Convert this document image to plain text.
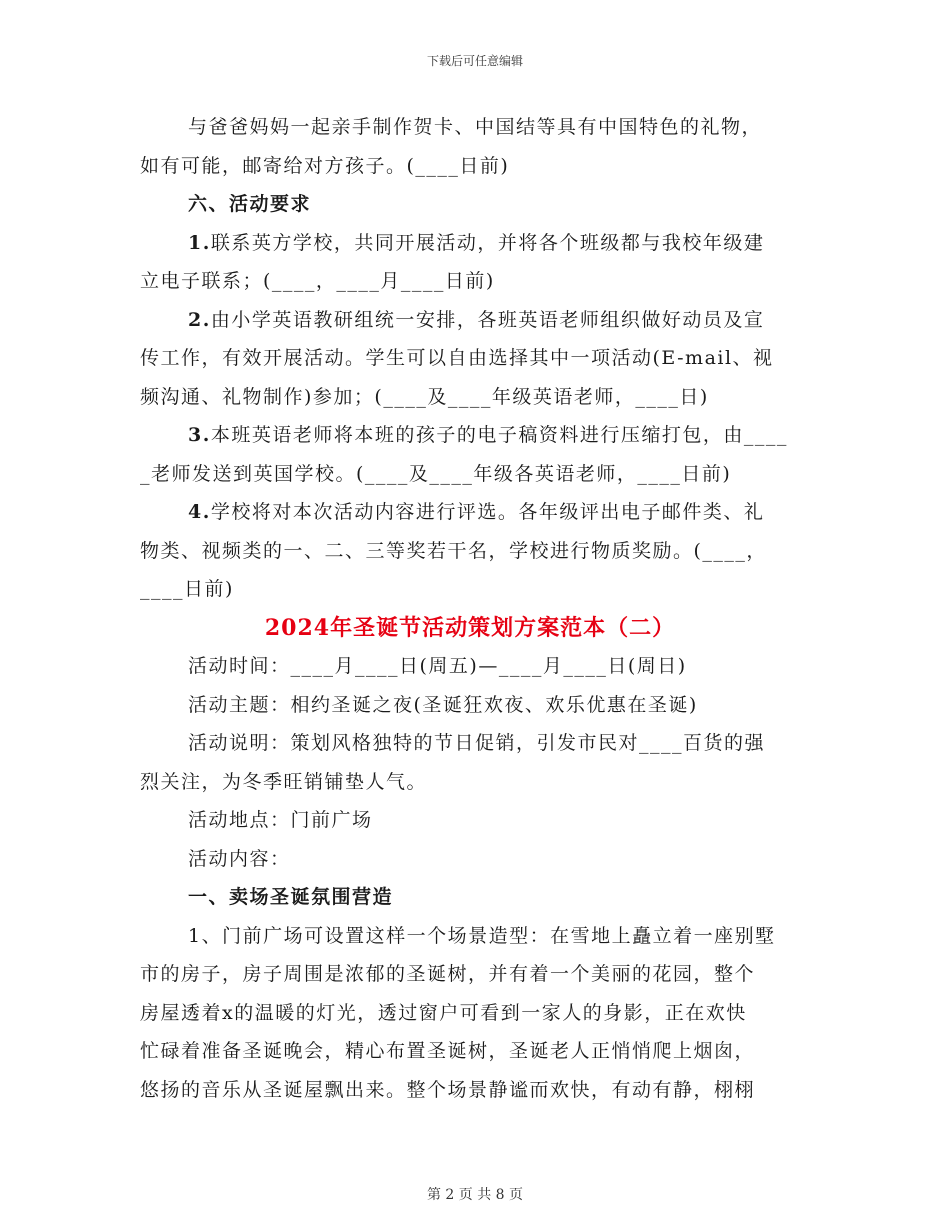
下载后可任意编辑
与爸爸妈妈一起亲手制作贺卡、中国结等具有中国特色的礼物，
如有可能，邮寄给对方孩子。(____日前)
六、活动要求
1.联系英方学校，共同开展活动，并将各个班级都与我校年级建
立电子联系；(____，____月____日前)
2.由小学英语教研组统一安排，各班英语老师组织做好动员及宣
传工作，有效开展活动。学生可以自由选择其中一项活动(E-mail、视
频沟通、礼物制作)参加；(____及____年级英语老师，____日)
3.本班英语老师将本班的孩子的电子稿资料进行压缩打包，由____
_老师发送到英国学校。(____及____年级各英语老师，____日前)
4.学校将对本次活动内容进行评选。各年级评出电子邮件类、礼
物类、视频类的一、二、三等奖若干名，学校进行物质奖励。(____，
____日前)
2024年圣诞节活动策划方案范本（二）
活动时间：____月____日(周五)—____月____日(周日)
活动主题：相约圣诞之夜(圣诞狂欢夜、欢乐优惠在圣诞)
活动说明：策划风格独特的节日促销，引发市民对____百货的强
烈关注，为冬季旺销铺垫人气。
活动地点：门前广场
活动内容：
一、卖场圣诞氛围营造
1、门前广场可设置这样一个场景造型：在雪地上矗立着一座别墅
市的房子，房子周围是浓郁的圣诞树，并有着一个美丽的花园，整个
房屋透着x的温暖的灯光，透过窗户可看到一家人的身影，正在欢快
忙碌着准备圣诞晚会，精心布置圣诞树，圣诞老人正悄悄爬上烟囱，
悠扬的音乐从圣诞屋飘出来。整个场景静谧而欢快，有动有静，栩栩
第 2 页 共 8 页
